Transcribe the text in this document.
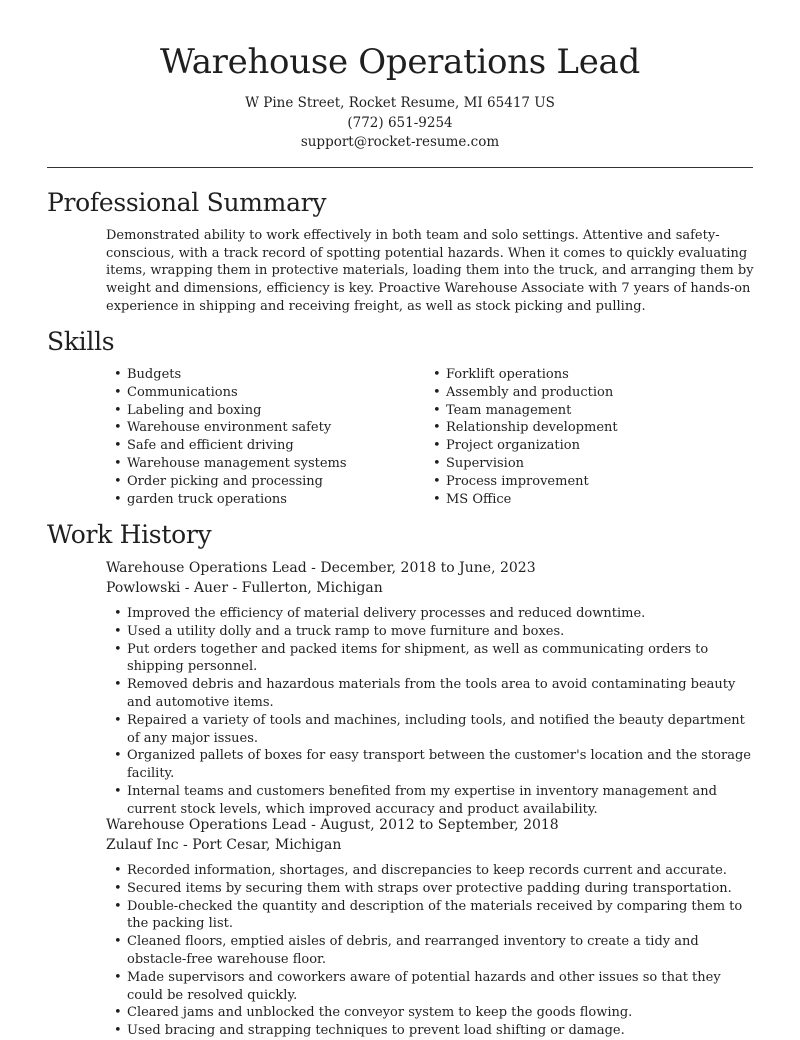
Warehouse Operations Lead
W Pine Street, Rocket Resume, MI 65417 US
(772) 651-9254
support@rocket-resume.com
Professional Summary

Demonstrated ability to work effectively in both team and solo settings. Attentive and safety-conscious, with a track record of spotting potential hazards. When it comes to quickly evaluating items, wrapping them in protective materials, loading them into the truck, and arranging them by weight and dimensions, efficiency is key. Proactive Warehouse Associate with 7 years of hands-on experience in shipping and receiving freight, as well as stock picking and pulling.

Skills
• Budgets
• Communications
• Labeling and boxing
• Warehouse environment safety
• Safe and efficient driving
• Warehouse management systems
• Order picking and processing
• garden truck operations
• Forklift operations
• Assembly and production
• Team management
• Relationship development
• Project organization
• Supervision
• Process improvement
• MS Office
Work History
Warehouse Operations Lead - December, 2018 to June, 2023
Powlowski - Auer - Fullerton, Michigan
• Improved the efficiency of material delivery processes and reduced downtime.
• Used a utility dolly and a truck ramp to move furniture and boxes.
• Put orders together and packed items for shipment, as well as communicating orders to shipping personnel.
• Removed debris and hazardous materials from the tools area to avoid contaminating beauty and automotive items.
• Repaired a variety of tools and machines, including tools, and notified the beauty department of any major issues.
• Organized pallets of boxes for easy transport between the customer's location and the storage facility.
• Internal teams and customers benefited from my expertise in inventory management and current stock levels, which improved accuracy and product availability.
Warehouse Operations Lead - August, 2012 to September, 2018
Zulauf Inc - Port Cesar, Michigan
• Recorded information, shortages, and discrepancies to keep records current and accurate.
• Secured items by securing them with straps over protective padding during transportation.
• Double-checked the quantity and description of the materials received by comparing them to the packing list.
• Cleaned floors, emptied aisles of debris, and rearranged inventory to create a tidy and obstacle-free warehouse floor.
• Made supervisors and coworkers aware of potential hazards and other issues so that they could be resolved quickly.
• Cleared jams and unblocked the conveyor system to keep the goods flowing.
• Used bracing and strapping techniques to prevent load shifting or damage.
